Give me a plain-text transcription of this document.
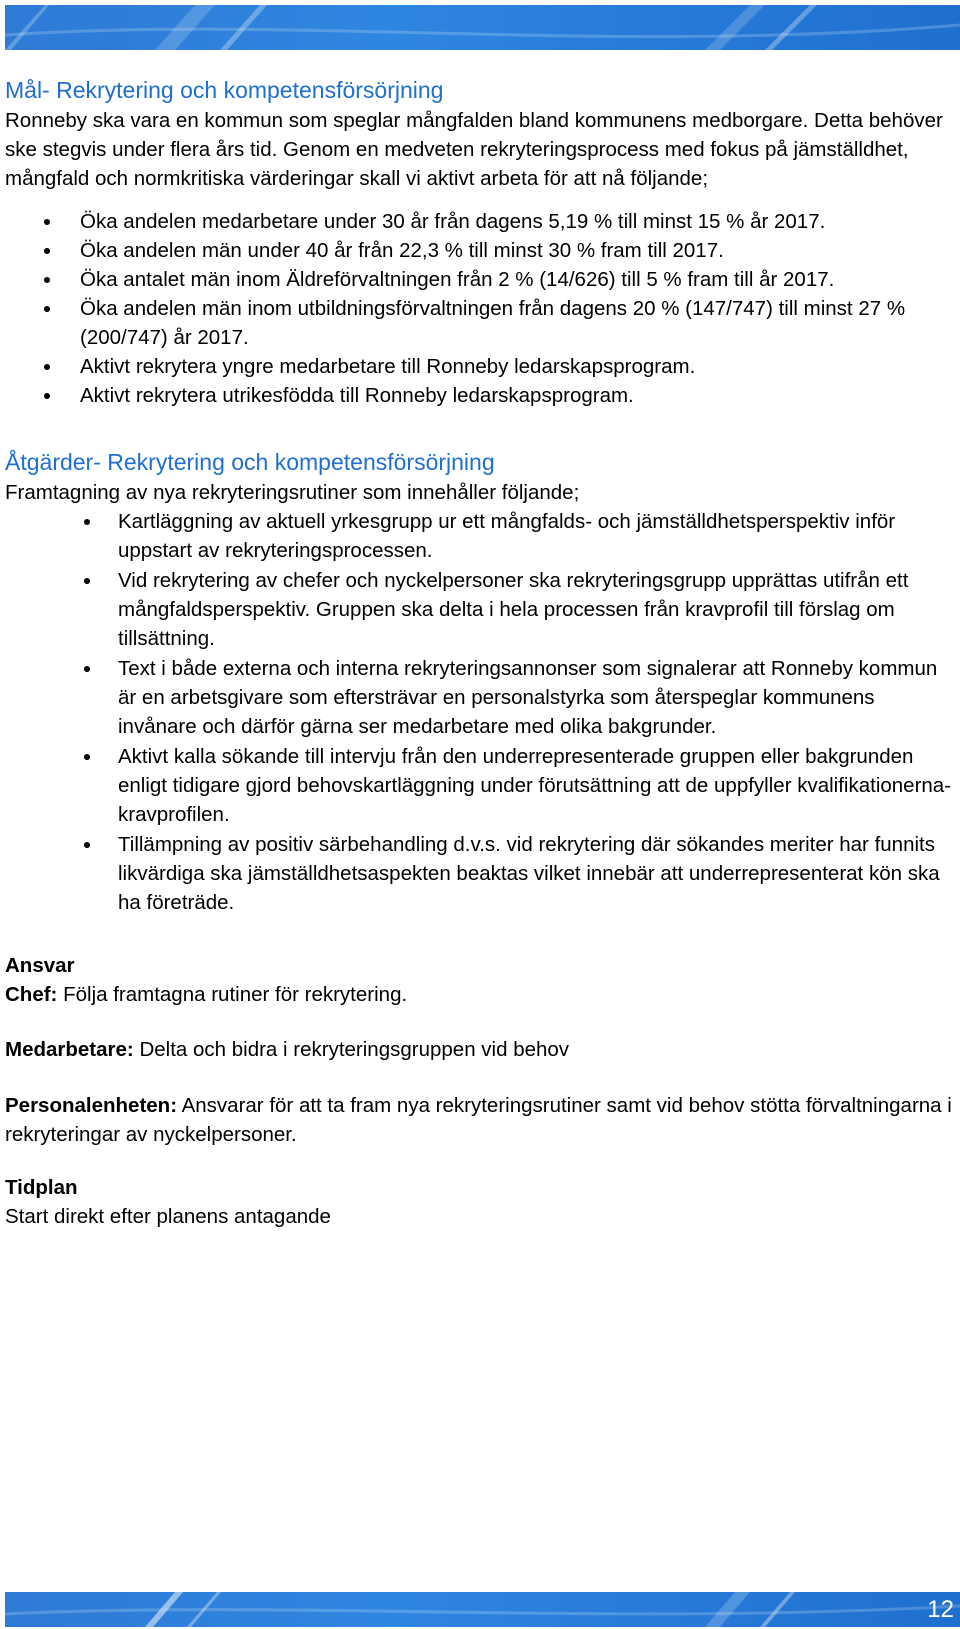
Mål- Rekrytering och kompetensförsörjning

Ronneby ska vara en kommun som speglar mångfalden bland kommunens medborgare. Detta behöver ske stegvis under flera års tid. Genom en medveten rekryteringsprocess med fokus på jämställdhet, mångfald och normkritiska värderingar skall vi aktivt arbeta för att nå följande;

Öka andelen medarbetare under 30 år från dagens 5,19 % till minst 15 % år 2017.
Öka andelen män under 40 år från 22,3 % till minst 30 % fram till 2017.
Öka antalet män inom Äldreförvaltningen från 2 % (14/626) till 5 % fram till år 2017.
Öka andelen män inom utbildningsförvaltningen från dagens 20 % (147/747) till minst 27 % (200/747) år 2017.
Aktivt rekrytera yngre medarbetare till Ronneby ledarskapsprogram.
Aktivt rekrytera utrikesfödda till Ronneby ledarskapsprogram.
Åtgärder- Rekrytering och kompetensförsörjning

Framtagning av nya rekryteringsrutiner som innehåller följande;

Kartläggning av aktuell yrkesgrupp ur ett mångfalds- och jämställdhetsperspektiv inför uppstart av rekryteringsprocessen.
Vid rekrytering av chefer och nyckelpersoner ska rekryteringsgrupp upprättas utifrån ett mångfaldsperspektiv. Gruppen ska delta i hela processen från kravprofil till förslag om tillsättning.
Text i både externa och interna rekryteringsannonser som signalerar att Ronneby kommun är en arbetsgivare som eftersträvar en personalstyrka som återspeglar kommunens invånare och därför gärna ser medarbetare med olika bakgrunder.
Aktivt kalla sökande till intervju från den underrepresenterade gruppen eller bakgrunden enligt tidigare gjord behovskartläggning under förutsättning att de uppfyller kvalifikationerna-kravprofilen.
Tillämpning av positiv särbehandling d.v.s. vid rekrytering där sökandes meriter har funnits likvärdiga ska jämställdhetsaspekten beaktas vilket innebär att underrepresenterat kön ska ha företräde.

Ansvar

Chef: Följa framtagna rutiner för rekrytering.

Medarbetare: Delta och bidra i rekryteringsgruppen vid behov

Personalenheten: Ansvarar för att ta fram nya rekryteringsrutiner samt vid behov stötta förvaltningarna i rekryteringar av nyckelpersoner.

Tidplan

Start direkt efter planens antagande

12
